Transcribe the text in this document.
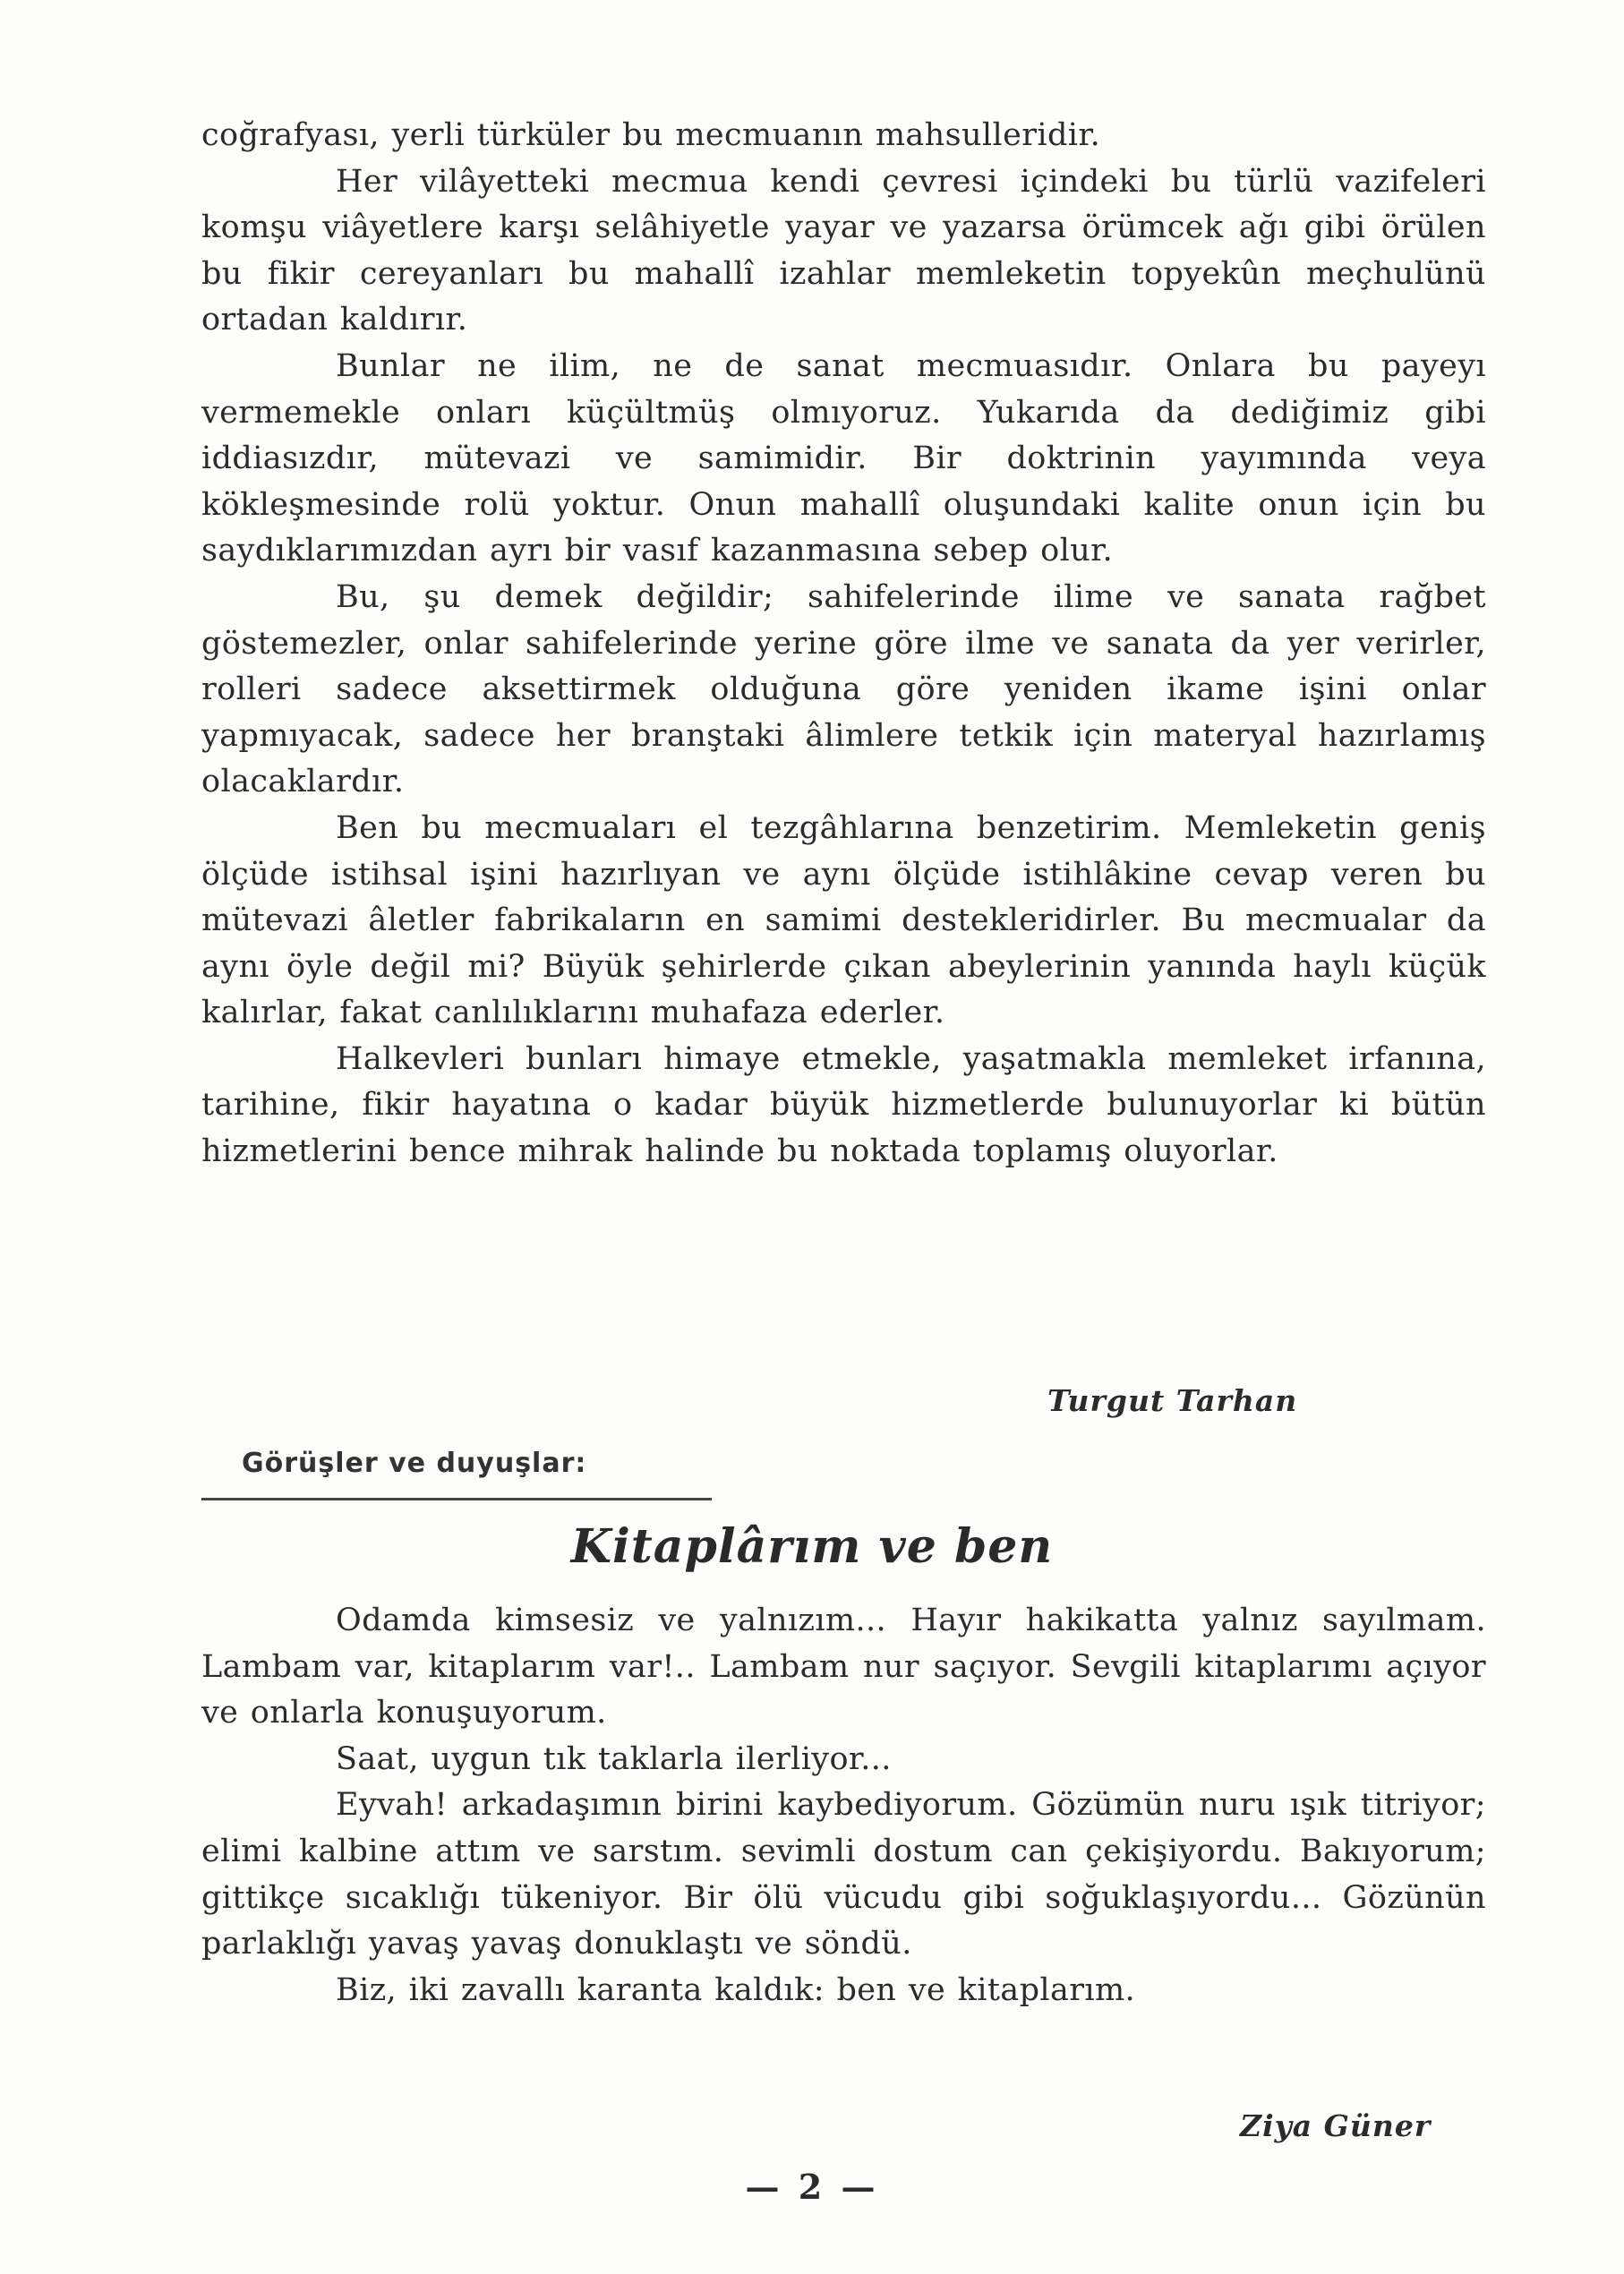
coğrafyası, yerli türküler bu mecmuanın mahsulleridir.

Her vilâyetteki mecmua kendi çevresi içindeki bu türlü vazifeleri komşu viâyetlere karşı selâhiyetle yayar ve yazarsa örümcek ağı gibi örülen bu fikir cereyanları bu mahallî izahlar memleketin topyekûn meçhulünü ortadan kaldırır.

Bunlar ne ilim, ne de sanat mecmuasıdır. Onlara bu payeyı vermemekle onları küçültmüş olmıyoruz. Yukarıda da dediğimiz gibi iddiasızdır, mütevazi ve samimidir. Bir doktrinin yayımında veya kökleşmesinde rolü yoktur. Onun mahallî oluşundaki kalite onun için bu saydıklarımızdan ayrı bir vasıf kazanmasına sebep olur.

Bu, şu demek değildir; sahifelerinde ilime ve sanata rağbet göstemezler, onlar sahifelerinde yerine göre ilme ve sanata da yer verirler, rolleri sadece aksettirmek olduğuna göre yeniden ikame işini onlar yapmıyacak, sadece her branştaki âlimlere tetkik için materyal hazırlamış olacaklardır.

Ben bu mecmuaları el tezgâhlarına benzetirim. Memleketin geniş ölçüde istihsal işini hazırlıyan ve aynı ölçüde istihlâkine cevap veren bu mütevazi âletler fabrikaların en samimi destekleridirler. Bu mecmualar da aynı öyle değil mi? Büyük şehirlerde çıkan abeylerinin yanında haylı küçük kalırlar, fakat canlılıklarını muhafaza ederler.

Halkevleri bunları himaye etmekle, yaşatmakla memleket irfanına, tarihine, fikir hayatına o kadar büyük hizmetlerde bulunuyorlar ki bütün hizmetlerini bence mihrak halinde bu noktada toplamış oluyorlar.

Turgut Tarhan

Görüşler ve duyuşlar:
Kitaplârım ve ben

Odamda kimsesiz ve yalnızım... Hayır hakikatta yalnız sayılmam. Lambam var, kitaplarım var!.. Lambam nur saçıyor. Sevgili kitaplarımı açıyor ve onlarla konuşuyorum.

Saat, uygun tık taklarla ilerliyor...

Eyvah! arkadaşımın birini kaybediyorum. Gözümün nuru ışık titriyor; elimi kalbine attım ve sarstım. sevimli dostum can çekişiyordu. Bakıyorum; gittikçe sıcaklığı tükeniyor. Bir ölü vücudu gibi soğuklaşıyordu... Gözünün parlaklığı yavaş yavaş donuklaştı ve söndü.

Biz, iki zavallı karanta kaldık: ben ve kitaplarım.

Ziya Güner

— 2 —
